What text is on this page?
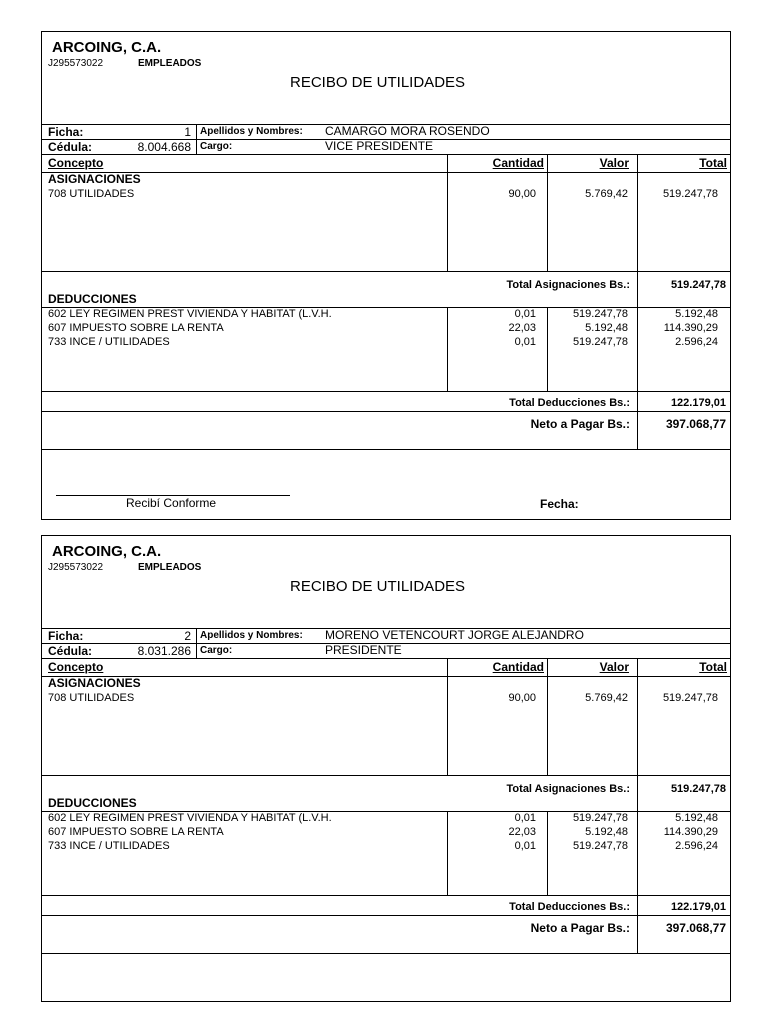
ARCOING, C.A.
J295573022	EMPLEADOS
RECIBO DE UTILIDADES
Ficha:	1 Apellidos y Nombres: CAMARGO MORA ROSENDO
Cédula:	8.004.668 Cargo:	VICE PRESIDENTE
Concepto	Cantidad	Valor	Total
ASIGNACIONES
708 UTILIDADES	90,00	5.769,42	519.247,78
Total Asignaciones Bs.:	519.247,78
DEDUCCIONES
602 LEY REGIMEN PREST VIVIENDA Y HABITAT (L.V.H.	0,01	519.247,78	5.192,48
607 IMPUESTO SOBRE LA RENTA	22,03	5.192,48	114.390,29
733 INCE / UTILIDADES	0,01	519.247,78	2.596,24
Total Deducciones Bs.:	122.179,01
Neto a Pagar Bs.:	397.068,77
Recibí Conforme	Fecha:
ARCOING, C.A.
J295573022	EMPLEADOS
RECIBO DE UTILIDADES
Ficha:	2 Apellidos y Nombres: MORENO VETENCOURT JORGE ALEJANDRO
Cédula:	8.031.286 Cargo:	PRESIDENTE
Concepto	Cantidad	Valor	Total
ASIGNACIONES
708 UTILIDADES	90,00	5.769,42	519.247,78
Total Asignaciones Bs.:	519.247,78
DEDUCCIONES
602 LEY REGIMEN PREST VIVIENDA Y HABITAT (L.V.H.	0,01	519.247,78	5.192,48
607 IMPUESTO SOBRE LA RENTA	22,03	5.192,48	114.390,29
733 INCE / UTILIDADES	0,01	519.247,78	2.596,24
Total Deducciones Bs.:	122.179,01
Neto a Pagar Bs.:	397.068,77
